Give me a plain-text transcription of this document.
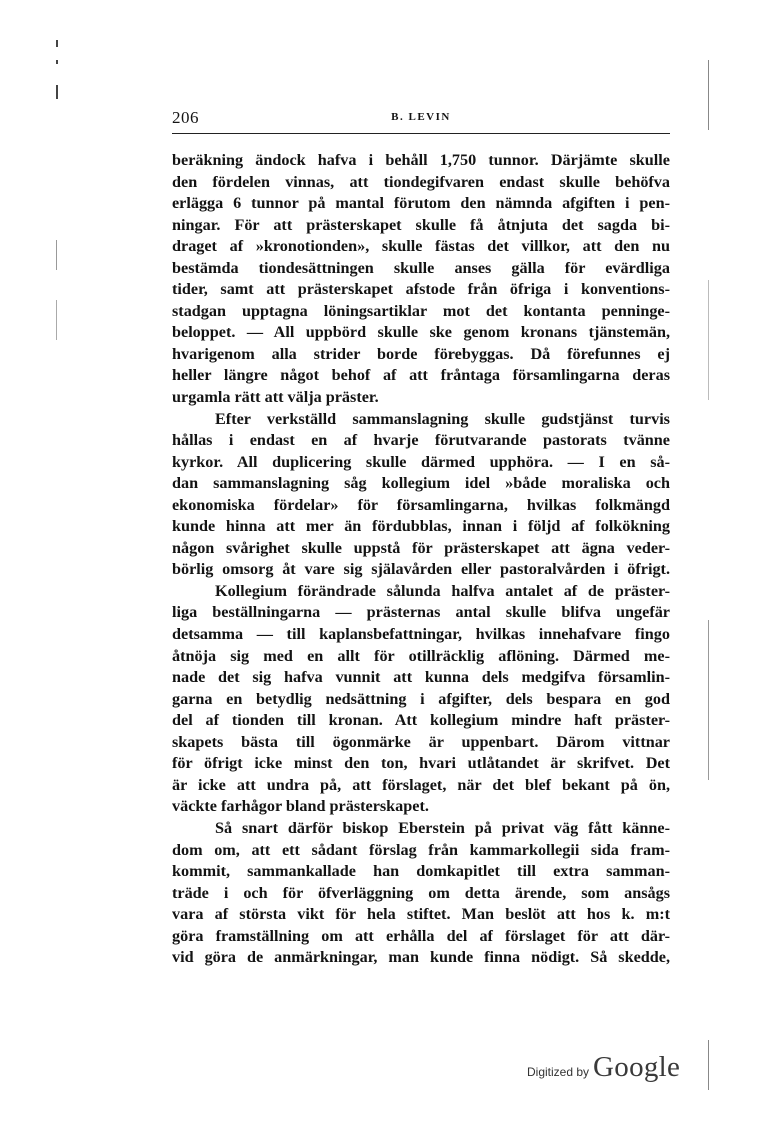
206	B. LEVIN

beräkning ändock hafva i behåll 1,750 tunnor. Därjämte skulle

den fördelen vinnas, att tiondegifvaren endast skulle behöfva

erlägga 6 tunnor på mantal förutom den nämnda afgiften i pen-

ningar. För att prästerskapet skulle få åtnjuta det sagda bi-

draget af »kronotionden», skulle fästas det villkor, att den nu

bestämda tiondesättningen skulle anses gälla för evärdliga

tider, samt att prästerskapet afstode från öfriga i konventions-

stadgan upptagna löningsartiklar mot det kontanta penninge-

beloppet. — All uppbörd skulle ske genom kronans tjänstemän,

hvarigenom alla strider borde förebyggas. Då förefunnes ej

heller längre något behof af att fråntaga församlingarna deras

urgamla rätt att välja präster.

Efter verkställd sammanslagning skulle gudstjänst turvis

hållas i endast en af hvarje förutvarande pastorats tvänne

kyrkor. All duplicering skulle därmed upphöra. — I en så-

dan sammanslagning såg kollegium idel »både moraliska och

ekonomiska fördelar» för församlingarna, hvilkas folkmängd

kunde hinna att mer än fördubblas, innan i följd af folkökning

någon svårighet skulle uppstå för prästerskapet att ägna veder-

börlig omsorg åt vare sig själavården eller pastoralvården i öfrigt.

Kollegium förändrade sålunda halfva antalet af de präster-

liga beställningarna — prästernas antal skulle blifva ungefär

detsamma — till kaplansbefattningar, hvilkas innehafvare fingo

åtnöja sig med en allt för otillräcklig aflöning. Därmed me-

nade det sig hafva vunnit att kunna dels medgifva församlin-

garna en betydlig nedsättning i afgifter, dels bespara en god

del af tionden till kronan. Att kollegium mindre haft präster-

skapets bästa till ögonmärke är uppenbart. Därom vittnar

för öfrigt icke minst den ton, hvari utlåtandet är skrifvet. Det

är icke att undra på, att förslaget, när det blef bekant på ön,

väckte farhågor bland prästerskapet.

Så snart därför biskop Eberstein på privat väg fått känne-

dom om, att ett sådant förslag från kammarkollegii sida fram-

kommit, sammankallade han domkapitlet till extra samman-

träde i och för öfverläggning om detta ärende, som ansågs

vara af största vikt för hela stiftet. Man beslöt att hos k. m:t

göra framställning om att erhålla del af förslaget för att där-

vid göra de anmärkningar, man kunde finna nödigt. Så skedde,

Digitized by Google
